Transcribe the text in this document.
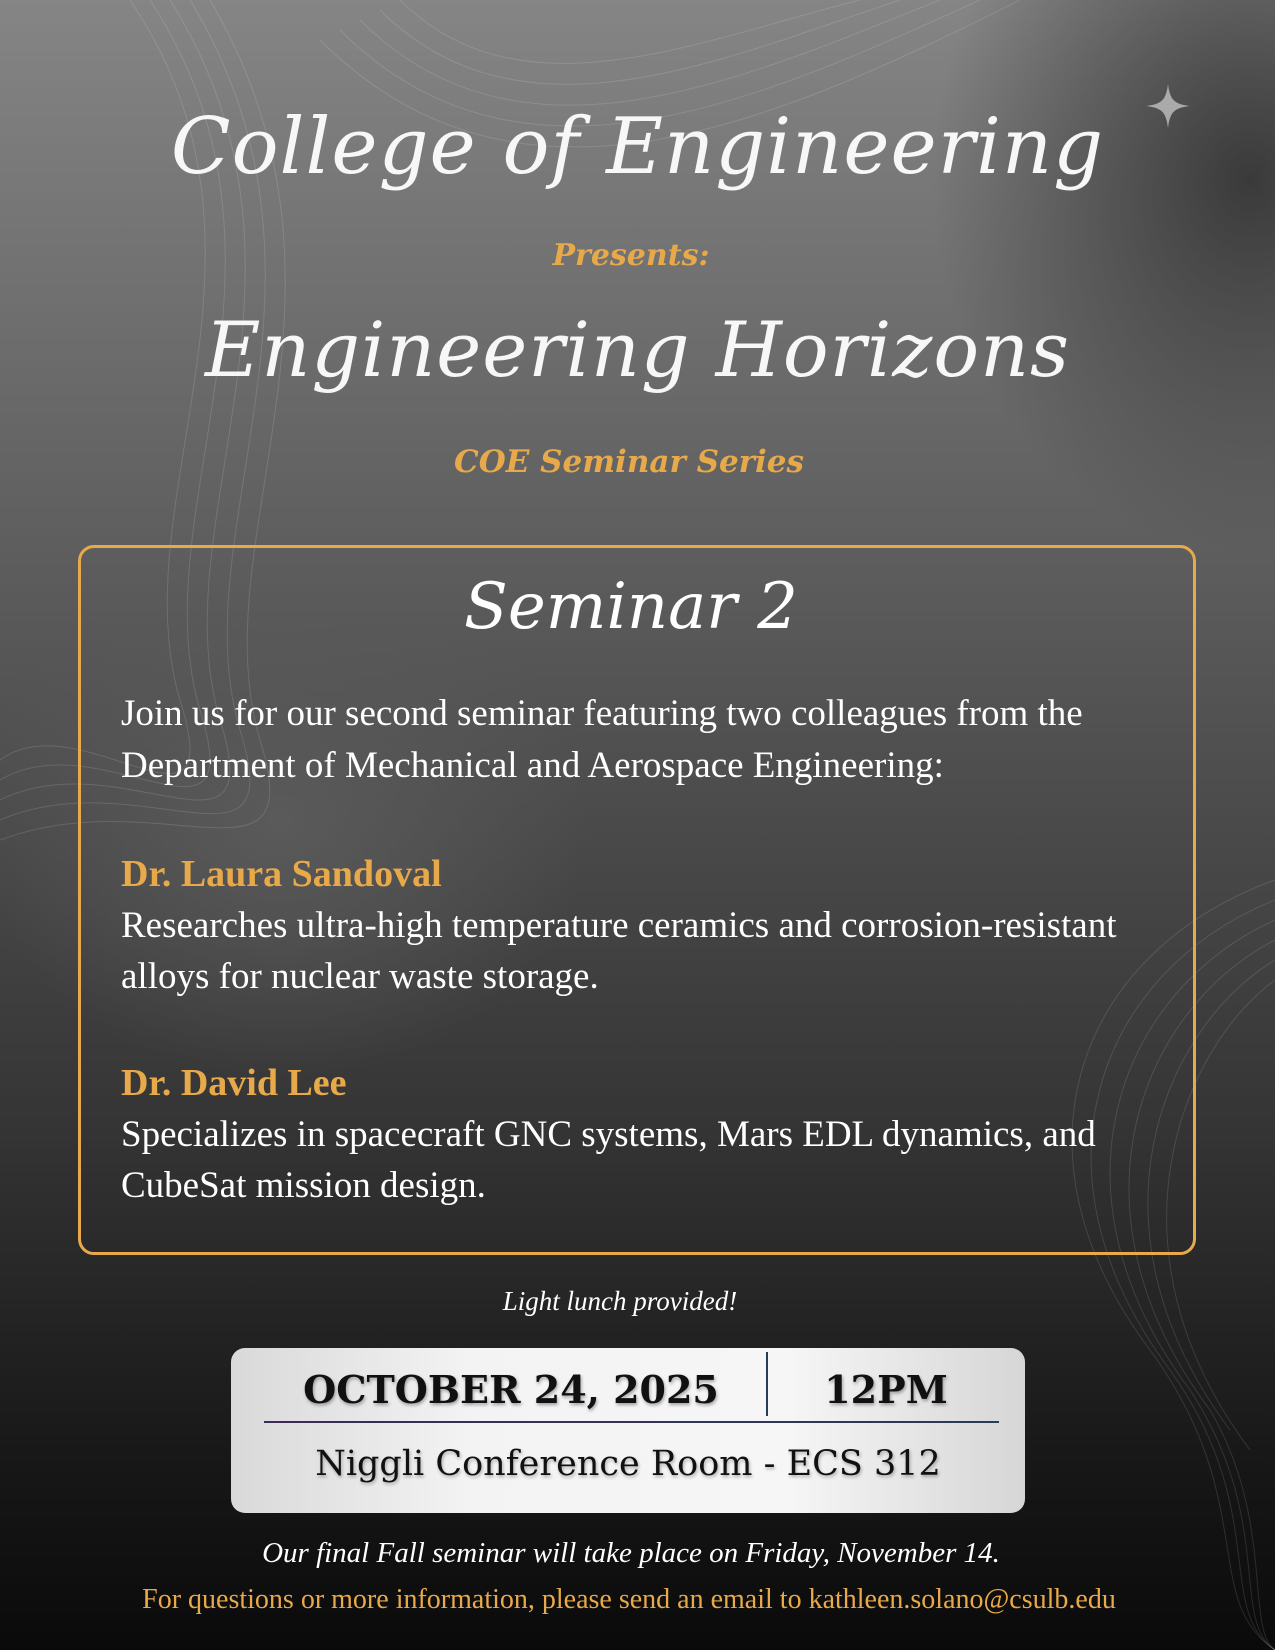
College of Engineering
Presents:
Engineering Horizons
COE Seminar Series
Seminar 2
Join us for our second seminar featuring two colleagues from the Department of Mechanical and Aerospace Engineering:
Dr. Laura Sandoval
Researches ultra-high temperature ceramics and corrosion-resistant alloys for nuclear waste storage.
Dr. David Lee
Specializes in spacecraft GNC systems, Mars EDL dynamics, and CubeSat mission design.
Light lunch provided!
OCTOBER 24, 2025	12PM
Niggli Conference Room - ECS 312
Our final Fall seminar will take place on Friday, November 14.
For questions or more information, please send an email to kathleen.solano@csulb.edu
